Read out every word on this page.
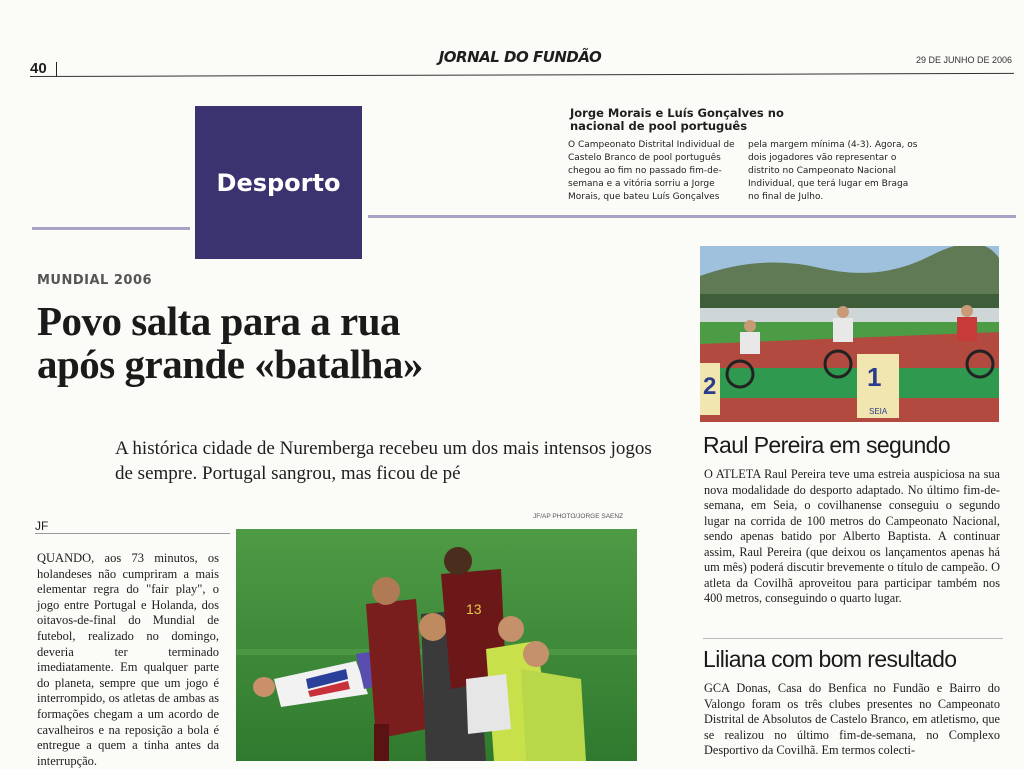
40
JORNAL DO FUNDÃO	29 DE JUNHO DE 2006
Desporto
Jorge Morais e Luís Gonçalves no nacional de pool português
O Campeonato Distrital Individual de Castelo Branco de pool português chegou ao fim no passado fim-de-semana e a vitória sorriu a Jorge Morais, que bateu Luís Gonçalves
pela margem mínima (4-3). Agora, os dois jogadores vão representar o distrito no Campeonato Nacional Individual, que terá lugar em Braga no final de Julho.
MUNDIAL 2006
Povo salta para a rua
após grande «batalha»
A histórica cidade de Nuremberga recebeu um dos mais intensos jogos de sempre. Portugal sangrou, mas ficou de pé
JF
JF/AP PHOTO/JORGE SAENZ
QUANDO, aos 73 minutos, os holandeses não cumpriram a mais elementar regra do "fair play", o jogo entre Portugal e Holanda, dos oitavos-de-final do Mundial de futebol, realizado no domingo, deveria ter terminado imediatamente. Em qualquer parte do planeta, sempre que um jogo é interrompido, os atletas de ambas as formações chegam a um acordo de cavalheiros e na reposição a bola é entregue a quem a tinha antes da interrupção.
13
2	1
SEIA
Raul Pereira em segundo
O ATLETA Raul Pereira teve uma estreia auspiciosa na sua nova modalidade do desporto adaptado. No último fim-de-semana, em Seia, o covilhanense conseguiu o segundo lugar na corrida de 100 metros do Campeonato Nacional, sendo apenas batido por Alberto Baptista. A continuar assim, Raul Pereira (que deixou os lançamentos apenas há um mês) poderá discutir brevemente o título de campeão. O atleta da Covilhã aproveitou para participar também nos 400 metros, conseguindo o quarto lugar.
Liliana com bom resultado
GCA Donas, Casa do Benfica no Fundão e Bairro do Valongo foram os três clubes presentes no Campeonato Distrital de Absolutos de Castelo Branco, em atletismo, que se realizou no último fim-de-semana, no Complexo Desportivo da Covilhã. Em termos colecti-
